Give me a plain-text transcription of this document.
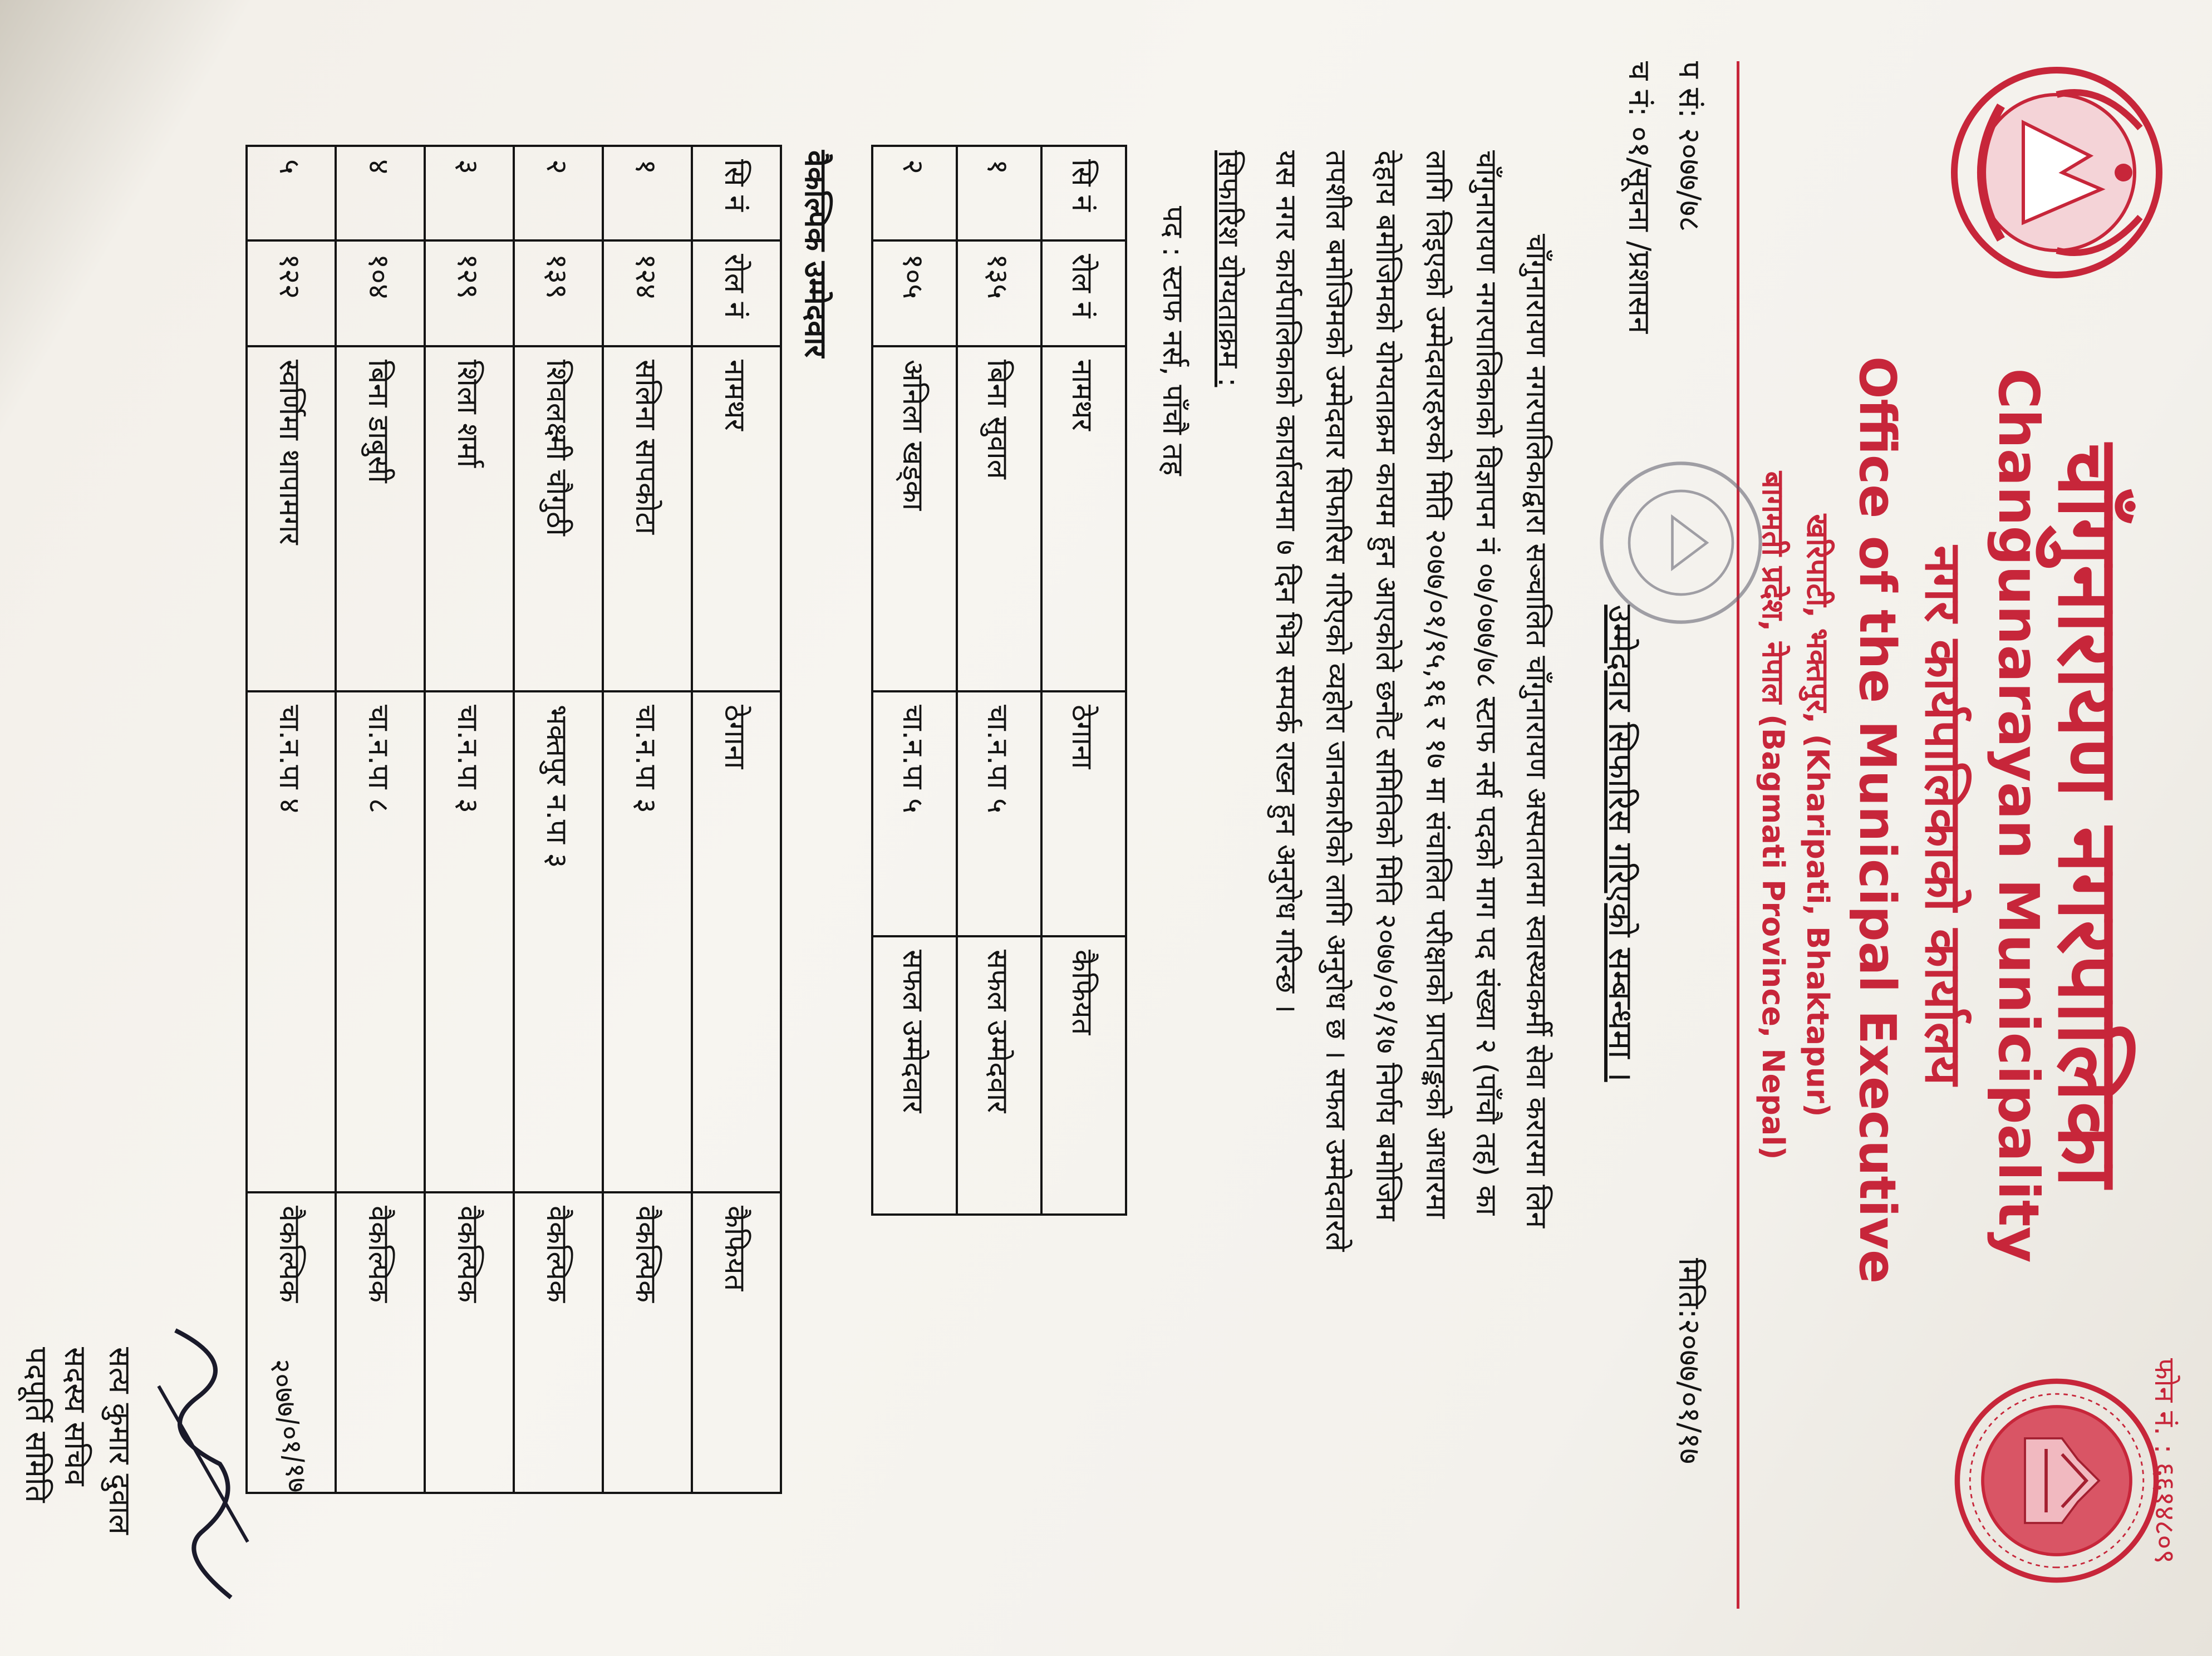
फोन नं. : ६६१४८०९
चाँगुनारायण नगरपालिका
Changunarayan Municipality
नगर कार्यपालिकाको कार्यालय
Office of the Municipal Executive
खरिपाटी, भक्तपुर, (Kharipati, Bhaktapur)
बागमती प्रदेश, नेपाल (Bagmati Province, Nepal)
प सं: २०७७/७८
च नं: ०१/सूचना /प्रशासन
मिति:२०७७/०१/१७
उम्मेदवार सिफारिस गरिएको सम्बन्धमा ।
चाँगुनारायण नगरपालिकाद्वारा सञ्चालित चाँगुनारायण अस्पतालमा स्वास्थ्यकर्मी सेवा करारमा लिन
चाँगुनारायण नगरपालिकाको विज्ञापन नं ०७/०७७/७८ स्टाफ नर्स पदको माग पद संख्या २ (पाँचौ तह) का
लागि लिइएको उम्मेदवारहरुको मिति २०७७/०१/१५,१६ र १७ मा संचालित परीक्षाको प्राप्ताङ्कको आधारमा
देहाय बमोजिमको योग्यताक्रम कायम हुन आएकोले छनौट समितिको मिति २०७७/०१/१७ निर्णय बमोजिम
तपशील बमोजिमको उम्मेदवार सिफारिस गरिएको व्यहोरा जानकारीको लागि अनुरोध छ । सफल उम्मेदवारले
यस नगर कार्यपालिकाको कार्यालयमा ७ दिन भित्र सम्पर्क राख्न हुन अनुरोध गरिन्छ ।
सिफारिश योग्यताक्रम :
पद : स्टाफ नर्स, पाँचौ तह
सि नं	रोल नं	नामथर	ठेगाना	कैफियत
१	१३५	बिना सुवाल	चा.न.पा ५	सफल उम्मेदवार
२	१०५	अनिला खड्का	चा.न.पा ५	सफल उम्मेदवार
वैकल्पिक उम्मेदवार
सि नं	रोल नं	नामथर	ठेगाना	कैफियत
१	१२४	सलिना सापकोटा	चा.न.पा ३	वैकल्पिक
२	१३९	शिवलक्ष्मी चौगुठी	भक्तपुर न.पा ३	वैकल्पिक
३	१२९	शिला शर्मा	चा.न.पा ३	वैकल्पिक
४	१०४	बिना डाबुसी	चा.न.पा ८	वैकल्पिक
५	१२२	स्वर्णिमा थापामगर	चा.न.पा ४	वैकल्पिक
२०७७/०१/१७
सत्य कुमार दुवाल
सदस्य सचिव
पदपूर्ति समिति
